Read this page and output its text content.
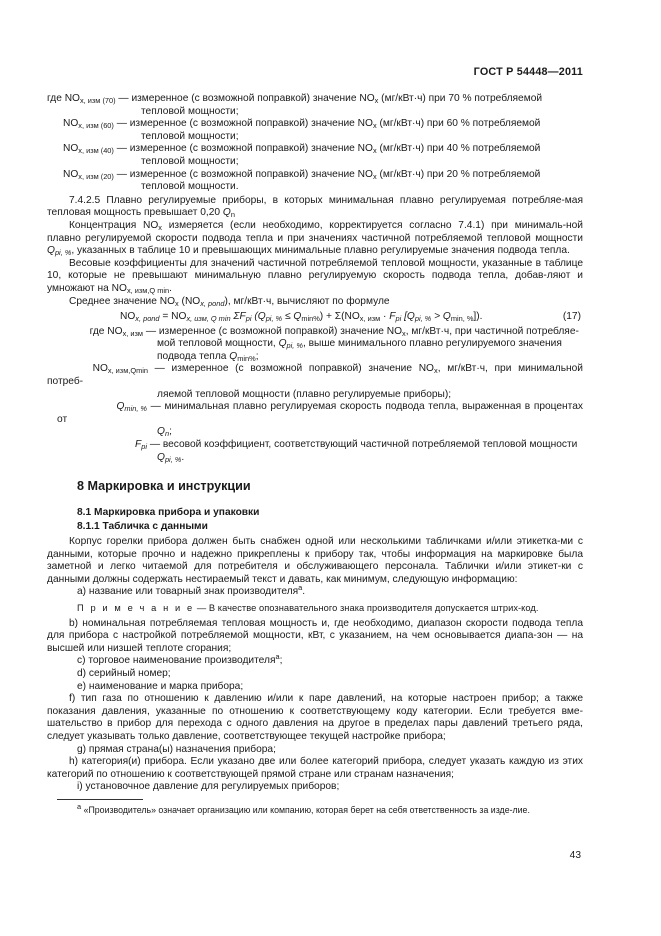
ГОСТ Р 54448—2011
где $NO_{x, изм (70)}$ — измеренное (с возможной поправкой) значение $NO_x$ (мг/кВт·ч) при 70 % потребляемой
тепловой мощности;
$NO_{x, изм (60)}$ — измеренное (с возможной поправкой) значение $NO_x$ (мг/кВт·ч) при 60 % потребляемой
тепловой мощности;
$NO_{x, изм (40)}$ — измеренное (с возможной поправкой) значение $NO_x$ (мг/кВт·ч) при 40 % потребляемой
тепловой мощности;
$NO_{x, изм (20)}$ — измеренное (с возможной поправкой) значение $NO_x$ (мг/кВт·ч) при 20 % потребляемой
тепловой мощности.
7.4.2.5 Плавно регулируемые приборы, в которых минимальная плавно регулируемая потребляе-мая тепловая мощность превышает 0,20 $Q_n$
Концентрация $NO_x$ измеряется (если необходимо, корректируется согласно 7.4.1) при минималь-ной плавно регулируемой скорости подвода тепла и при значениях частичной потребляемой тепловой мощности $Q_{pi, \%}$, указанных в таблице 10 и превышающих минимальные плавно регулируемые значения подвода тепла.
Весовые коэффициенты для значений частичной потребляемой тепловой мощности, указанные в таблице 10, которые не превышают минимальную плавно регулируемую скорость подвода тепла, добав-ляют и умножают на $NO_{x, изм,Q min}$.
Среднее значение $NO_x$ $(NO_{x, pond})$, мг/кВт·ч, вычисляют по формуле
$NO_{x, pond} = NO_{x, изм, Q min}$ $\Sigma F_{pi}$ $(Q_{pi, \%} \le Q_{min\%}) + \Sigma(NO_{x, изм} \cdot F_{pi}$ $[Q_{pi, \%} > Q_{min, \%}]$).	(17)
где $NO_{x, изм}$ — измеренное (с возможной поправкой) значение $NO_x$, мг/кВт·ч, при частичной потребляе-
мой тепловой мощности, $Q_{pi, \%}$, выше минимального плавно регулируемого значения
подвода тепла $Q_{min\%}$;
$NO_{x, изм,Qmin}$ — измеренное (с возможной поправкой) значение $NO_x$, мг/кВт·ч, при минимальной потреб-
ляемой тепловой мощности (плавно регулируемые приборы);
$Q_{min, \%}$ — минимальная плавно регулируемая скорость подвода тепла, выраженная в процентах от
$Q_n$;
$F_{pi}$ — весовой коэффициент, соответствующий частичной потребляемой тепловой мощности
$Q_{pi, \%}$.
8 Маркировка и инструкции
8.1 Маркировка прибора и упаковки
8.1.1 Табличка с данными
Корпус горелки прибора должен быть снабжен одной или несколькими табличками и/или этикетка-ми с данными, которые прочно и надежно прикреплены к прибору так, чтобы информация на маркировке была заметной и легко читаемой для потребителя и обслуживающего персонала. Таблички и/или этикет-ки с данными должны содержать нестираемый текст и давать, как минимум, следующую информацию:
a) название или товарный знак производителя$^a$.
П р и м е ч а н и е — В качестве опознавательного знака производителя допускается штрих-код.
b) номинальная потребляемая тепловая мощность и, где необходимо, диапазон скорости подвода тепла для прибора с настройкой потребляемой мощности, кВт, с указанием, на чем основывается диапа-зон — на высшей или низшей теплоте сгорания;
c) торговое наименование производителя$^a$;
d) серийный номер;
e) наименование и марка прибора;
f) тип газа по отношению к давлению и/или к паре давлений, на которые настроен прибор; а также показания давления, указанные по отношению к соответствующему коду категории. Если требуется вме-шательство в прибор для перехода с одного давления на другое в пределах пары давлений третьего ряда, следует указывать только давление, соответствующее текущей настройке прибора;
g) прямая страна(ы) назначения прибора;
h) категория(и) прибора. Если указано две или более категорий прибора, следует указать каждую из этих категорий по отношению к соответствующей прямой стране или странам назначения;
i) установочное давление для регулируемых приборов;
$^a$ «Производитель» означает организацию или компанию, которая берет на себя ответственность за изде-лие.
43
